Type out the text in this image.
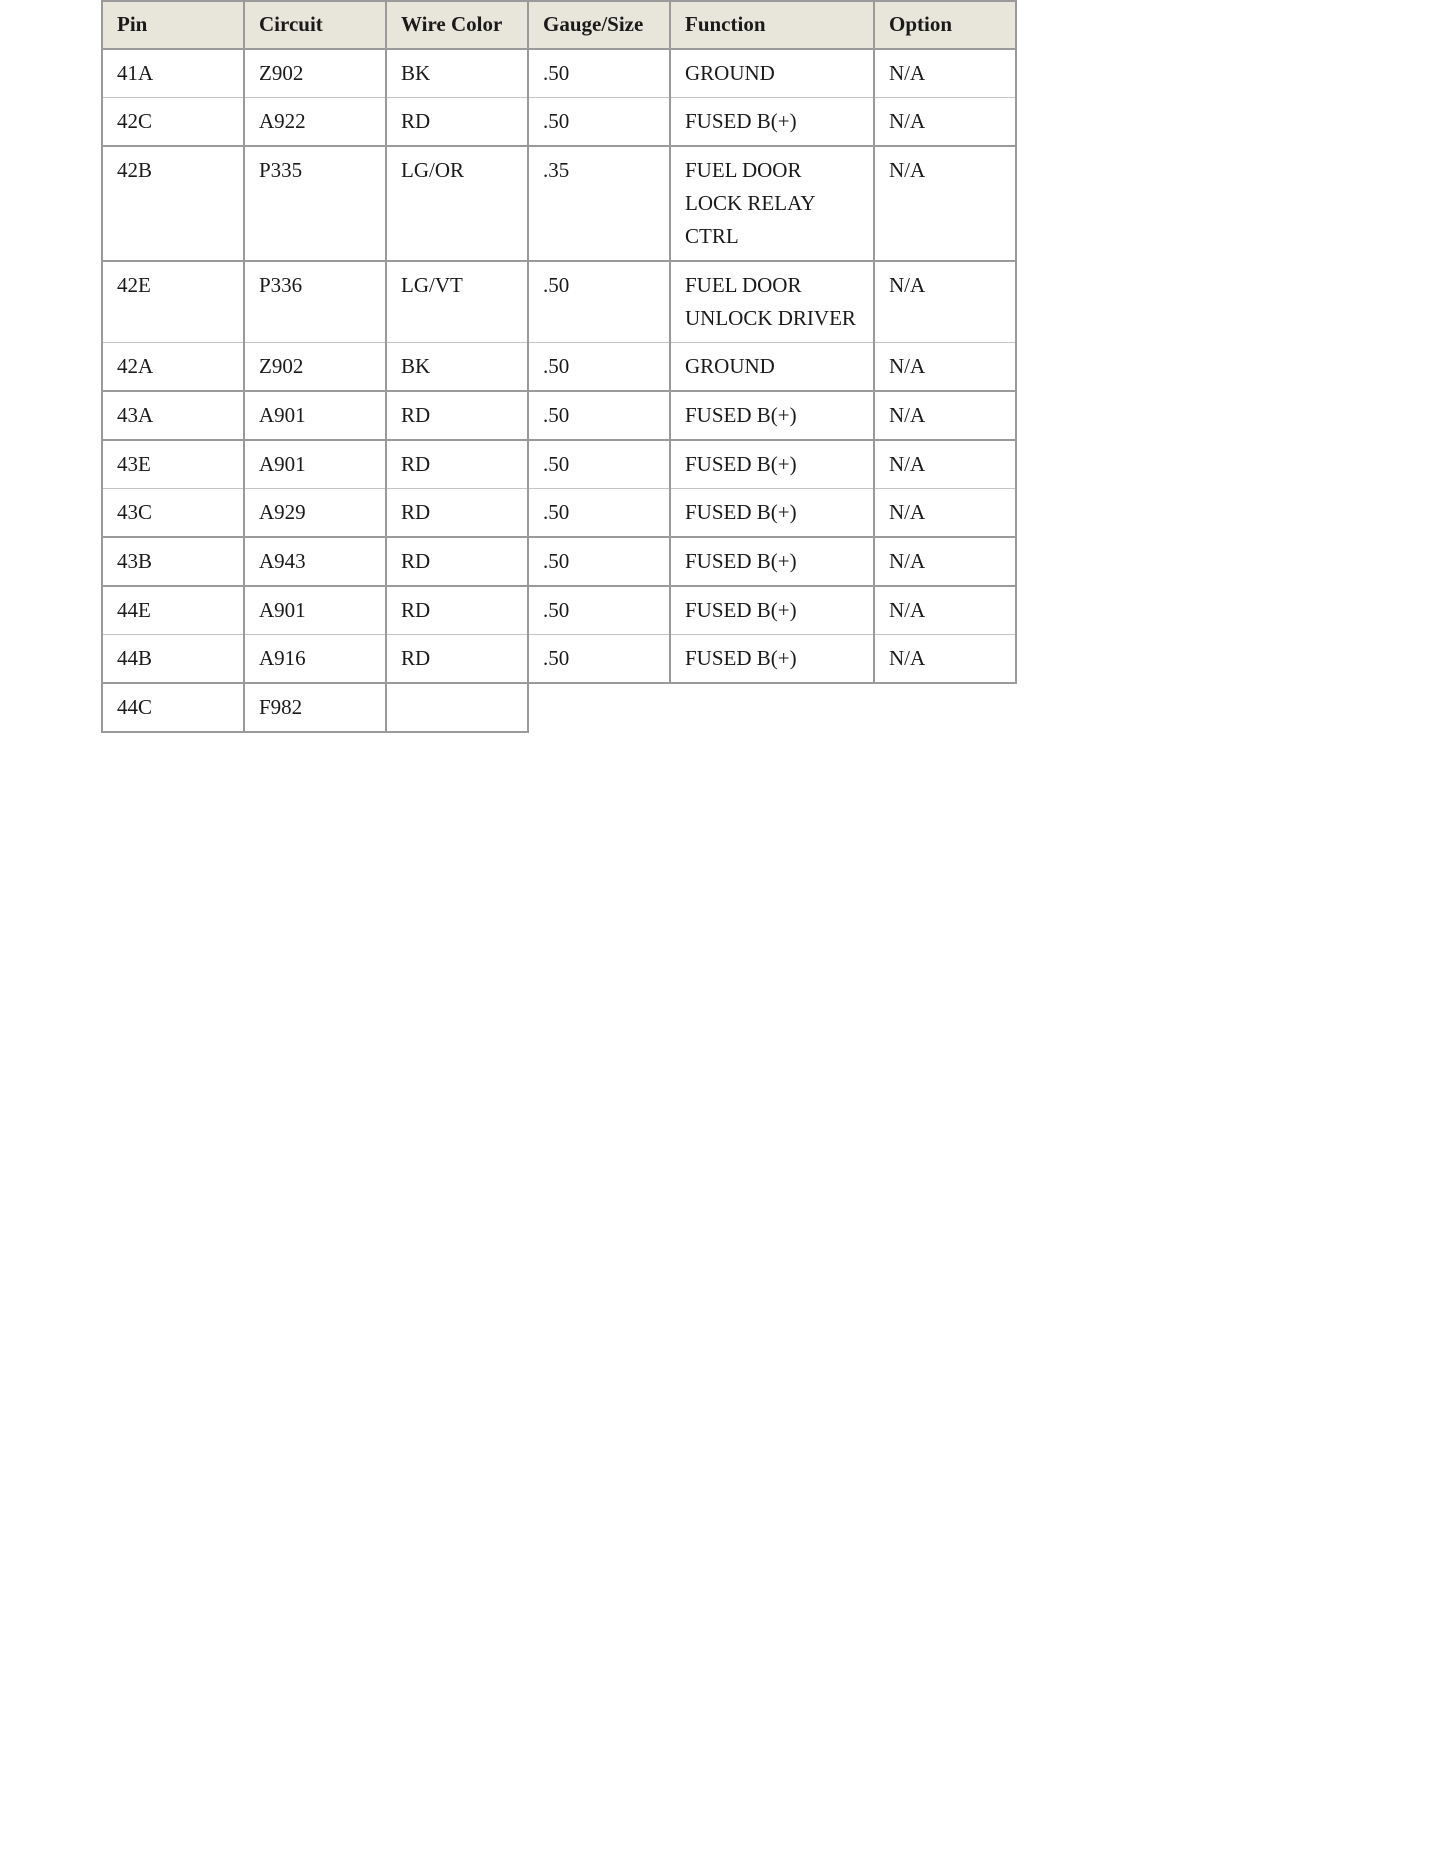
Pin	Circuit	Wire Color	Gauge/Size	Function	Option
41A	Z902	BK	.50	GROUND	N/A
42C	A922	RD	.50	FUSED B(+)	N/A
42B	P335	LG/OR	.35	FUEL DOOR LOCK RELAY CTRL	N/A
42E	P336	LG/VT	.50	FUEL DOOR UNLOCK DRIVER	N/A
42A	Z902	BK	.50	GROUND	N/A
43A	A901	RD	.50	FUSED B(+)	N/A
43E	A901	RD	.50	FUSED B(+)	N/A
43C	A929	RD	.50	FUSED B(+)	N/A
43B	A943	RD	.50	FUSED B(+)	N/A
44E	A901	RD	.50	FUSED B(+)	N/A
44B	A916	RD	.50	FUSED B(+)	N/A
44C	F982				
